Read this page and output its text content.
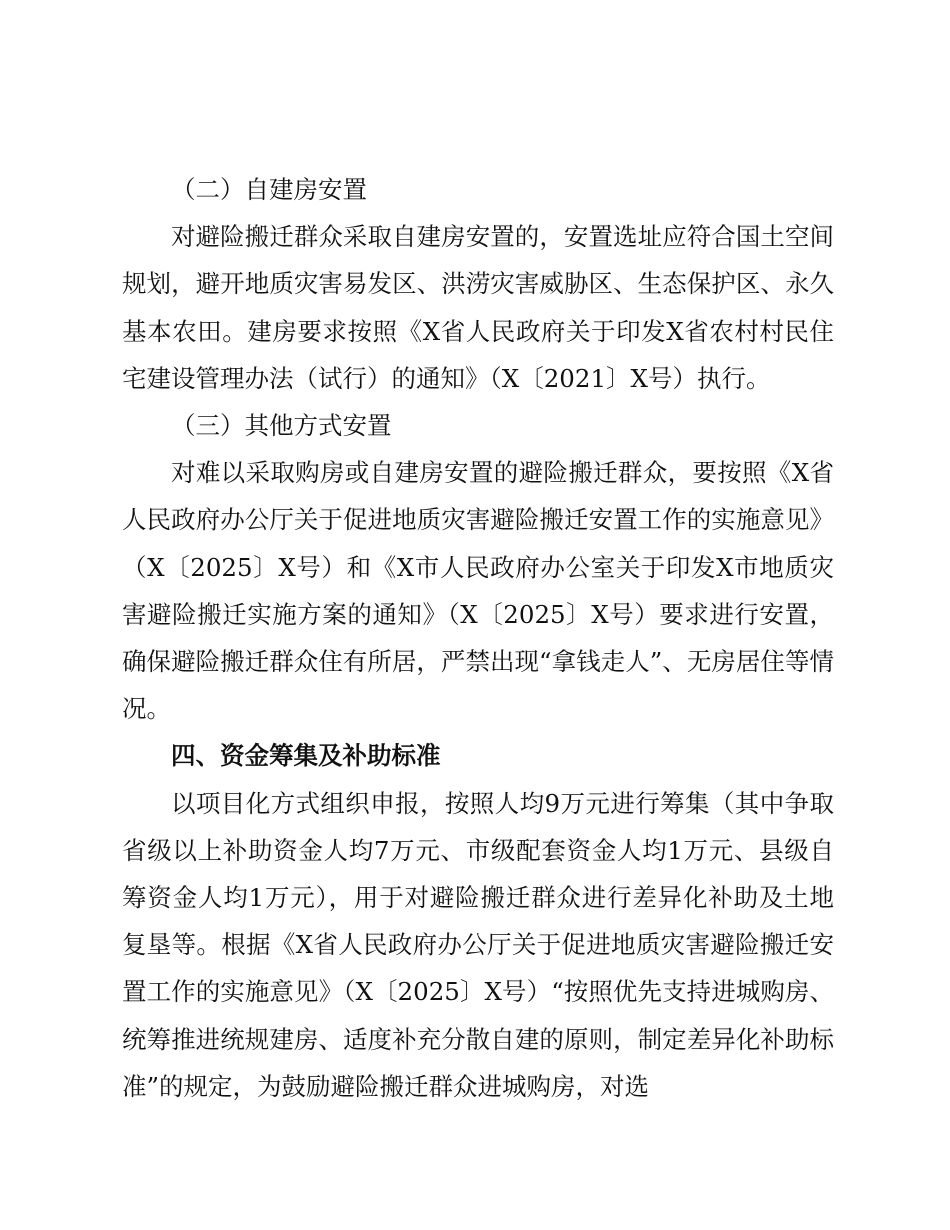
（二）自建房安置

对避险搬迁群众采取自建房安置的，安置选址应符合国土空间规划，避开地质灾害易发区、洪涝灾害威胁区、生态保护区、永久基本农田。建房要求按照《X省人民政府关于印发X省农村村民住宅建设管理办法（试行）的通知》（X〔2021〕X号）执行。

（三）其他方式安置

对难以采取购房或自建房安置的避险搬迁群众，要按照《X省人民政府办公厅关于促进地质灾害避险搬迁安置工作的实施意见》（X〔2025〕X号）和《X市人民政府办公室关于印发X市地质灾害避险搬迁实施方案的通知》（X〔2025〕X号）要求进行安置，确保避险搬迁群众住有所居，严禁出现“拿钱走人”、无房居住等情况。

四、资金筹集及补助标准

以项目化方式组织申报，按照人均9万元进行筹集（其中争取省级以上补助资金人均7万元、市级配套资金人均1万元、县级自筹资金人均1万元），用于对避险搬迁群众进行差异化补助及土地复垦等。根据《X省人民政府办公厅关于促进地质灾害避险搬迁安置工作的实施意见》（X〔2025〕X号）“按照优先支持进城购房、统筹推进统规建房、适度补充分散自建的原则，制定差异化补助标准”的规定，为鼓励避险搬迁群众进城购房，对选
